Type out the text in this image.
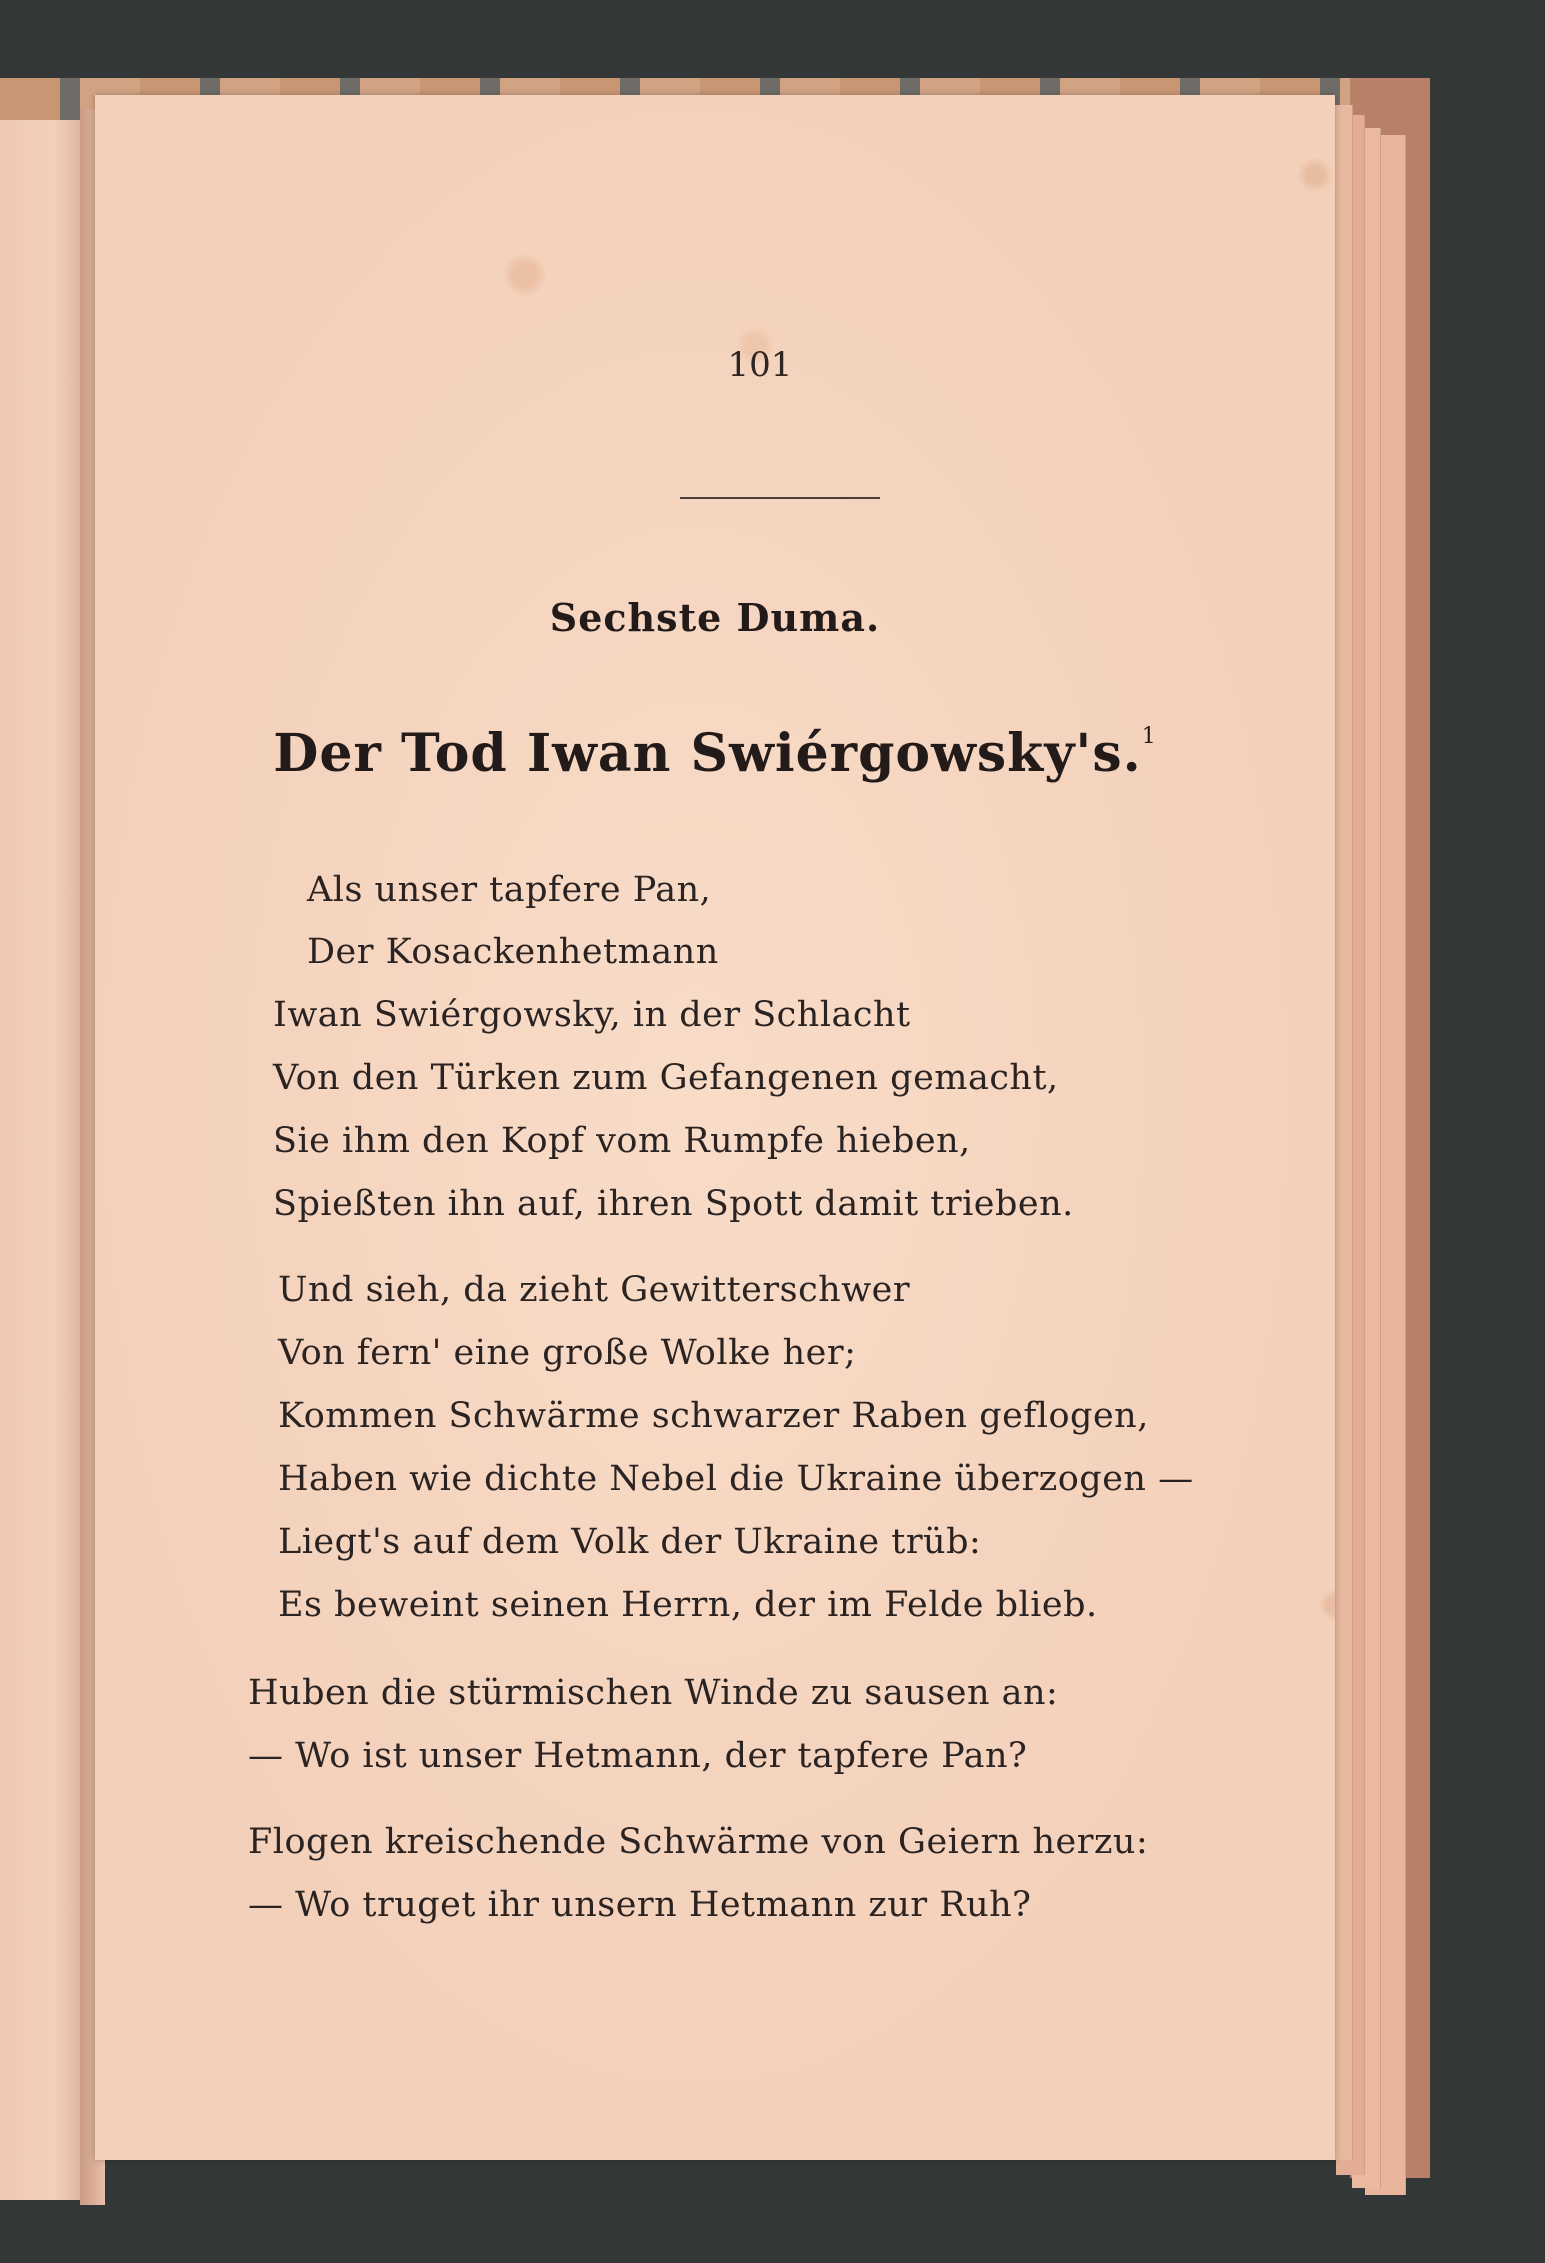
101
Sechste Duma.
Der Tod Iwan Swiérgowsky's.$^1$
Als unser tapfere Pan,
Der Kosackenhetmann
Iwan Swiérgowsky, in der Schlacht
Von den Türken zum Gefangenen gemacht,
Sie ihm den Kopf vom Rumpfe hieben,
Spießten ihn auf, ihren Spott damit trieben.
Und sieh, da zieht Gewitterschwer
Von fern' eine große Wolke her;
Kommen Schwärme schwarzer Raben geflogen,
Haben wie dichte Nebel die Ukraine überzogen —
Liegt's auf dem Volk der Ukraine trüb:
Es beweint seinen Herrn, der im Felde blieb.
Huben die stürmischen Winde zu sausen an:
— Wo ist unser Hetmann, der tapfere Pan?
Flogen kreischende Schwärme von Geiern herzu:
— Wo truget ihr unsern Hetmann zur Ruh?
